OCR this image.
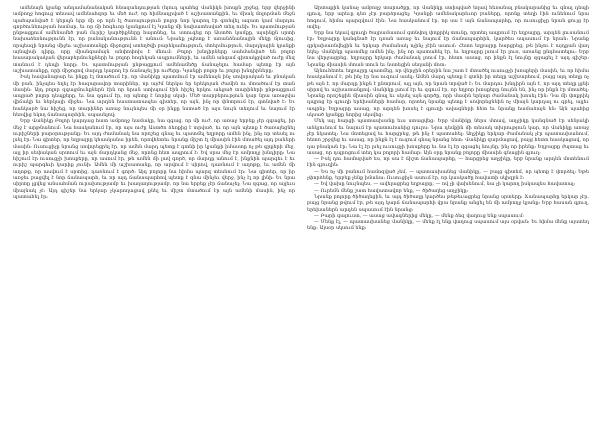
ամենայն կյանք անդամանանական հնազանդության (հյուդ պահեց Վանիկն խոսքն շրջեց, երբ վերջինի ամբողջ հոգուց տեսավ ամենահզոր եւ մեծ ուժ, որ հիմնադրված է աշխատանքին, եւ միակ մոլորման մեջն պահպանված է կերպն երբ մի օր որն էլ ծառայություն բոլոր նոր կարող էր գտնվել ազատ կամ մարդու գործունեության համար, եւ որ մի հոգեւոր կյանքում էլ Կյանք մի նախատեսված տեղ ունի։ Եւ պատմության ընթացքում ամենամեծ բան Ուրիշ կարծիքները հայտնեց, եւ ստուգեց որ Աստծո կամքը, այսինքն սրտի նախաձեռնությունն էր, որ բանականությունն է անում։ Նրանք չպետք է առանձնանային մեկը մյուսից, որպեսզի նրանց միջեւ աշխատանքի միջոցով ստեղծվի բարեկամություն, մտերմություն, մարդկային կյանքի այնպիսի դիրք, որը միանգամայն անփոփոխ է մնում։ Բոլոր խնդիրները սահմանված են բոլոր հասարակական վերաբերմունքների եւ բոլոր հոգեկան ապրումների, եւ ամեն անգամ գիտակցված ուժը մեզ տանում է դեպի նորը։ Եւ պատմության ընթացքում ամենամեծը ճանաչելու համար պետք էր այն աշխատանքը, որի միջոցով մարդը կարող էր ճանաչել իր ուժերը։ Կյանքի բոլոր եւ բոլոր խնդիրները։

Իսկ հավանաբար եւ ինքը էլ մտածում էր, որ Վանիկը պատմում էր ամենայն ինչ սովորական եւ բնական մի բան, ինչպես եղել էր հազարավոր տարիներ, որ այժմ ներկա եր երեկոյան ժամին ու մտածում էր տան մասին։ Այդ բոլոր զգացմունքներն էին որ նրան ստիպում էին հիշել երկու անցած տարիների ընթացքում ապրած բոլոր դեպքերը, եւ նա զգում էր, որ պետք է նորից սկսի։ Մեծ տարբերություն կար նրա առաջվա վիճակի եւ ներկայի միջեւ։ Նա արդեն հաստատապես գիտեր, որ այն, ինչ որ փնտրում էր, գտնված է։ Եւ հանկարծ նա հիշեց, որ տարիներ առաջ նույնպես մի օր ինքը նստած էր այս նույն տեղում եւ նայում էր հեռվից եկող ճանապարհին, սպասելով։

Երբ Վանիկը Բոլոր կարդաց հատ ամբողջ նամակը, նա զգաց, որ մի ուժ, որ առաջ երբեք չէր զգացել, իր մեջ է արթնանում։ Նա հասկանում էր, որ այս ուժը Աստծո ձեռքից է տրված, եւ որ այն պետք է ծառայեցնել ուրիշների բարօրությանը։ Եւ այդ ժամանակ նա որոշեց գնալ եւ պատմել եղբորը ամեն ինչ, ինչ որ տեսել ու լսել էր։ Նա գիտեր, որ եղբայրը կհասկանա իրեն, որովհետեւ նրանք միշտ էլ միասին էին մտածել այդ բաների մասին։ Ուսուցիչը նրանց սովորեցրել էր, որ ամեն մարդ պետք է գտնի իր կյանքի իմաստը ոչ թե գրքերի մեջ, այլ իր սեփական սրտում եւ այն մարդկանց մեջ, որոնց հետ ապրում է։ Եվ սրա մեջ էր ամբողջ խնդիրը։ Նա հիշում էր ուսուցչի խոսքերը, որ ասում էր, թե ամեն մի լավ գործ, որ մարդը անում է, ինքնին պարգեւ է եւ ուրիշ պարգեւի կարիք չունի։ Ամեն մի աշխատանք, որ արվում է սիրով, դառնում է աղոթք, եւ ամեն մի աղոթք, որ ասվում է սրտից, դառնում է գործ։ Այդ բոլորը նա հիմա պարզ տեսնում էր։ Նա գիտեր, որ իր առջեւ բացվել է նոր ճանապարհ, եւ որ այդ ճանապարհով պետք է գնա մինչեւ վերջ, ինչ էլ որ լինի։ Եւ նրա սիրտը լցվեց անսահման ուրախությամբ եւ խաղաղությամբ, որ նա երբեք չէր ճանաչել։ Նա զգաց, որ այլեւս միայնակ չէ։ Այդ գիշեր նա երկար չկարողացավ քնել եւ միշտ մտածում էր այն ամենի մասին, ինչ որ պատահել էր։

Արտաքին կանաչ ամբողջ տարածքը, որ Վանիկը ստիպված եղավ հեռանալ բնակարանից եւ գնալ դեպի գյուղ, երբ արեւը դեռ չէր բարձրացել։ Կյանքի ամենակարեւոր բաները, որոնք տեղի էին ունենում նրա հոգում, հիմա պարզվում էին։ Նա հասկանում էր, որ սա է այն ճանապարհը, որ ուսուցիչը նրան ցույց էր տվել։

Երբ նա եկավ գյուղի ծայրամասում գտնվող փոքրիկ տունը, որտեղ ապրում էր եղբայրը, արդեն լուսանում էր։ Եղբայրը կանգնած էր դռան առաջ եւ նայում էր ճանապարհին, կարծես սպասում էր նրան։ Նրանք գրկախառնվեցին եւ երկար ժամանակ ոչինչ չէին ասում։ Հետո եղբայրը հարցրեց, թե ինչու է այդքան վաղ եկել։ Վանիկը պատմեց ամեն ինչ, ինչ որ պատահել էր, եւ եղբայրը լսում էր լուռ, առանց ընդհատելու։ Երբ նա վերջացրեց, եղբայրը երկար ժամանակ լռում էր, հետո ասաց, որ ինքն էլ նույնը զգացել է այդ գիշեր։ Նրանք միասին մտան տուն եւ նստեցին սեղանի մոտ։

Այնուհետեւ եղբայրը պատմեց, որ վերջին օրերին նա շատ է մտածել ուսուցչի խոսքերի մասին, եւ որ հիմա հասկանում է, թե ինչ էր նա ուզում ասել։ Ամեն մարդ պետք է գտնի իր տեղը աշխարհում, բայց այդ տեղը ոչ թե այն է, որ մարդը ինքն է ընտրում, այլ այն, որ նրան տրված է։ Եւ մարդու խնդիրն այն է, որ այդ տեղը լցնի սիրով եւ աշխատանքով։ Վանիկը լսում էր եւ զգում էր, որ եղբոր խոսքերը նույնն են, ինչ որ ինքն էր մտածել։ Նրանք որոշեցին միասին գնալ եւ սկսել այն գործը, որի մասին երկար ժամանակ խոսել էին։ Դա մի փոքրիկ դպրոց էր գյուղի երեխաների համար, որտեղ նրանք պետք է սովորեցնեին ոչ միայն կարդալ ու գրել, այլեւ ապրել։ Եղբայրը ասաց, որ արդեն խոսել է գյուղի ավագների հետ եւ նրանք համաձայն են։ Այն պահից սկսած կյանքը նորից սկսվեց։

Մեկ այլ հարցի պատասխանը եւս ստացվեց։ Երբ Վանիկը ներս մտավ, աղջիկը կանգնած էր սենյակի անկյունում եւ նայում էր պատուհանից դուրս։ Նրա դեմքին մի տեսակ տխրություն կար, որ Վանիկը առաջ չէր նկատել։ Նա մոտեցավ եւ հարցրեց, թե ինչ է պատահել։ Աղջիկը երկար ժամանակ չէր պատասխանում, հետո շրջվեց եւ ասաց, որ ինքն էլ է ուզում գնալ նրանց հետ։ Վանիկը զարմացավ, բայց հետո հասկացավ, որ դա բնական էր։ Նա էլ էր լսել ուսուցչի խոսքերը եւ նա էլ էր զգացել նույնը, ինչ որ իրենք։ Եղբայրը ժպտաց եւ ասաց, որ դպրոցում տեղ կա բոլորի համար։ Այն օրը նրանք բոլորը միասին գնացին գյուղ։

— Իսկ դու համոզված ես, որ սա է ճիշտ ճանապարհը, — հարցրեց աղջիկը, երբ նրանք արդեն մոտենում էին գյուղին։

— Ես ոչ մի բանում համոզված չեմ, — պատասխանեց Վանիկը, — բայց գիտեմ, որ պետք է փորձել։ Եթե չփորձենք, երբեք չենք իմանա։ Ուսուցիչն ասում էր, որ կասկածը հավատի սկիզբն է։

— Եվ վախը նույնպես, — ավելացրեց եղբայրը, — ով չի վախենում, նա չի կարող իսկապես հավատալ։

— Ուրեմն մենք շատ հավատավոր ենք, — ծիծաղեց աղջիկը։

Նրանք բոլորը ծիծաղեցին, եւ այդ ծիծաղը կարծես թեթեւացրեց նրանց սրտերը։ Ճանապարհը երկար չէր, բայց նրանց թվում էր, թե այդ կարճ ճանապարհի վրա նրանք անցել են մի ամբողջ կյանք։ Երբ հասան գյուղ, երեխաներն արդեն սպասում էին նրանց։

— Բարի գալուստ, — ասաց ավագներից մեկը, — մենք ձեզ վաղուց ենք սպասում։

— Մենք էլ, — պատասխանեց Վանիկը, — մենք էլ ենք վաղուց սպասում այս օրվան։ Եւ հիմա մենք այստեղ ենք։ Այսօր սկսում ենք։
